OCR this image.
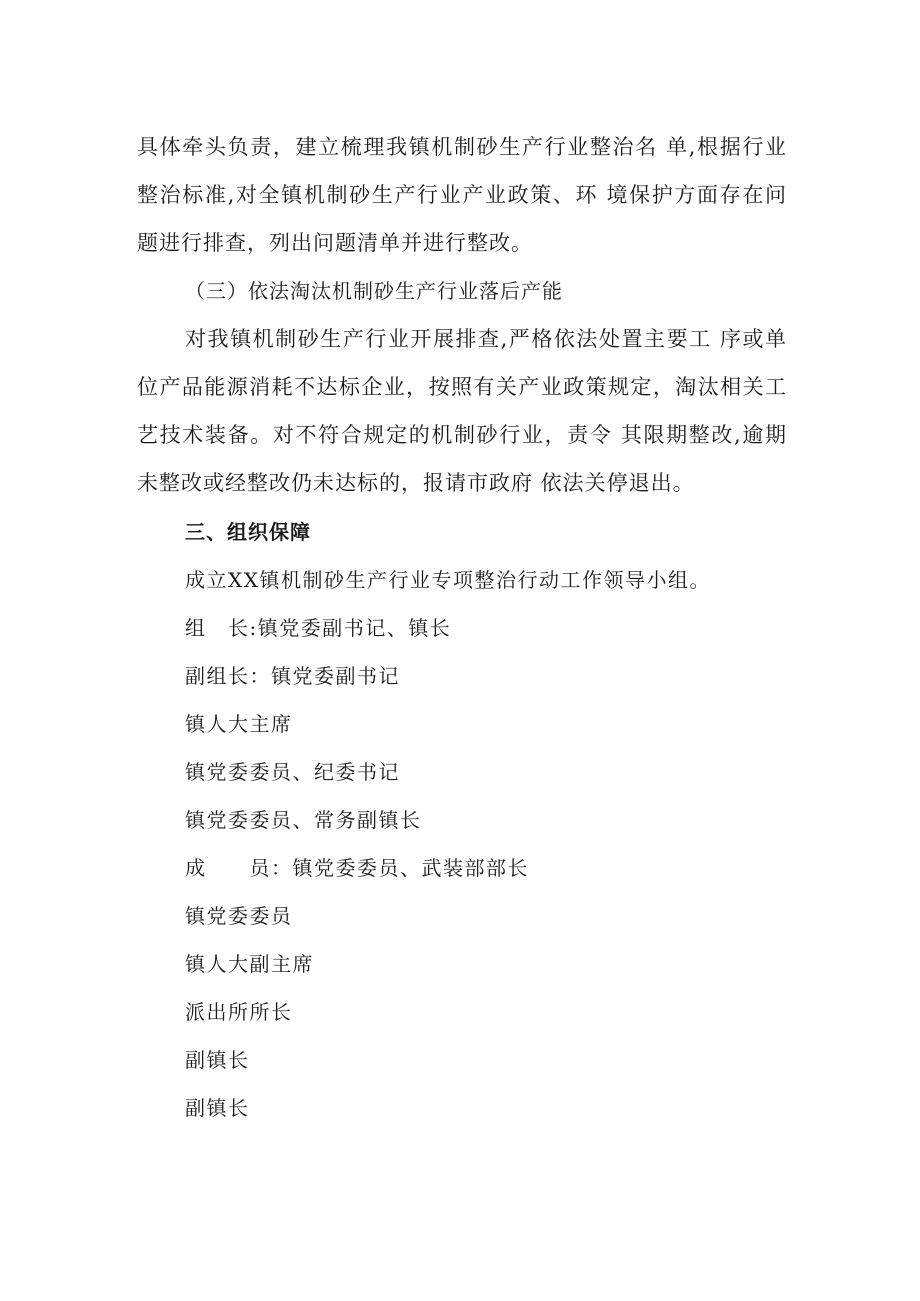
具体牵头负责，建立梳理我镇机制砂生产行业整治名 单,根据行业整治标准,对全镇机制砂生产行业产业政策、环 境保护方面存在问题进行排查，列出问题清单并进行整改。

（三）依法淘汰机制砂生产行业落后产能

对我镇机制砂生产行业开展排查,严格依法处置主要工 序或单位产品能源消耗不达标企业，按照有关产业政策规定，淘汰相关工艺技术装备。对不符合规定的机制砂行业，责令 其限期整改,逾期未整改或经整改仍未达标的，报请市政府 依法关停退出。

三、组织保障

成立XX镇机制砂生产行业专项整治行动工作领导小组。

组　长:镇党委副书记、镇长

副组长：镇党委副书记

镇人大主席

镇党委委员、纪委书记

镇党委委员、常务副镇长

成　　员：镇党委委员、武装部部长

镇党委委员

镇人大副主席

派出所所长

副镇长

副镇长
